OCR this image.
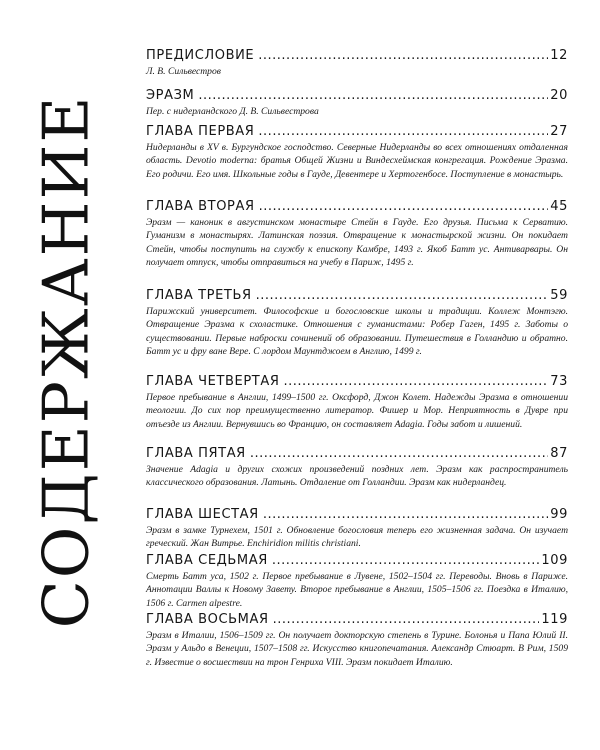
СОДЕРЖАНИЕ
ПРЕДИСЛОВИЕ .....	12
Л. В. Сильвестров
ЭРАЗМ .....	20
Пер. с нидерландского Д. В. Сильвестрова
ГЛАВА ПЕРВАЯ .....	27
Нидерланды в XV в. Бургундское господство. Северные Нидерланды во всех отношениях отдаленная область. Devotio moderna: братья Общей Жизни и Виндесхеймская конгрегация. Рождение Эразма. Его родичи. Его имя. Школьные годы в Гауде, Девентере и Хертогенбосе. Поступление в монастырь.
ГЛАВА ВТОРАЯ .....	45
Эразм — каноник в августинском монастыре Стейн в Гауде. Его друзья. Письма к Серватию. Гуманизм в монастырях. Латинская поэзия. Отвращение к монастырской жизни. Он покидает Стейн, чтобы поступить на службу к епископу Камбре, 1493 г. Якоб Батт ус. Антиварвары. Он получает отпуск, чтобы отправиться на учебу в Париж, 1495 г.
ГЛАВА ТРЕТЬЯ .....	59
Парижский университет. Философские и богословские школы и традиции. Коллеж Монтэгю. Отвращение Эразма к схоластике. Отношения с гуманистами: Робер Гаген, 1495 г. Заботы о существовании. Первые наброски сочинений об образовании. Путешествия в Голландию и обратно. Батт ус и фру ване Вере. С лордом Маунтджоем в Англию, 1499 г.
ГЛАВА ЧЕТВЕРТАЯ .....	73
Первое пребывание в Англии, 1499–1500 гг. Оксфорд, Джон Колет. Надежды Эразма в отношении теологии. До сих пор преимущественно литератор. Фишер и Мор. Неприятность в Дувре при отъезде из Англии. Вернувшись во Францию, он составляет Adagia. Годы забот и лишений.
ГЛАВА ПЯТАЯ .....	87
Значение Adagia и других схожих произведений поздних лет. Эразм как распространитель классического образования. Латынь. Отдаление от Голландии. Эразм как нидерландец.
ГЛАВА ШЕСТАЯ .....	99
Эразм в замке Турнехем, 1501 г. Обновление богословия теперь его жизненная задача. Он изучает греческий. Жан Витрье. Enchiridion militis christiani.
ГЛАВА СЕДЬМАЯ .....	109
Смерть Батт уса, 1502 г. Первое пребывание в Лувене, 1502–1504 гг. Переводы. Вновь в Париже. Аннотации Валлы к Новому Завету. Второе пребывание в Англии, 1505–1506 гг. Поездка в Италию, 1506 г. Carmen alpestre.
ГЛАВА ВОСЬМАЯ .....	119
Эразм в Италии, 1506–1509 гг. Он получает докторскую степень в Турине. Болонья и Папа Юлий II. Эразм у Альдо в Венеции, 1507–1508 гг. Искусство книгопечатания. Александр Стюарт. В Рим, 1509 г. Известие о восшествии на трон Генриха VIII. Эразм покидает Италию.
